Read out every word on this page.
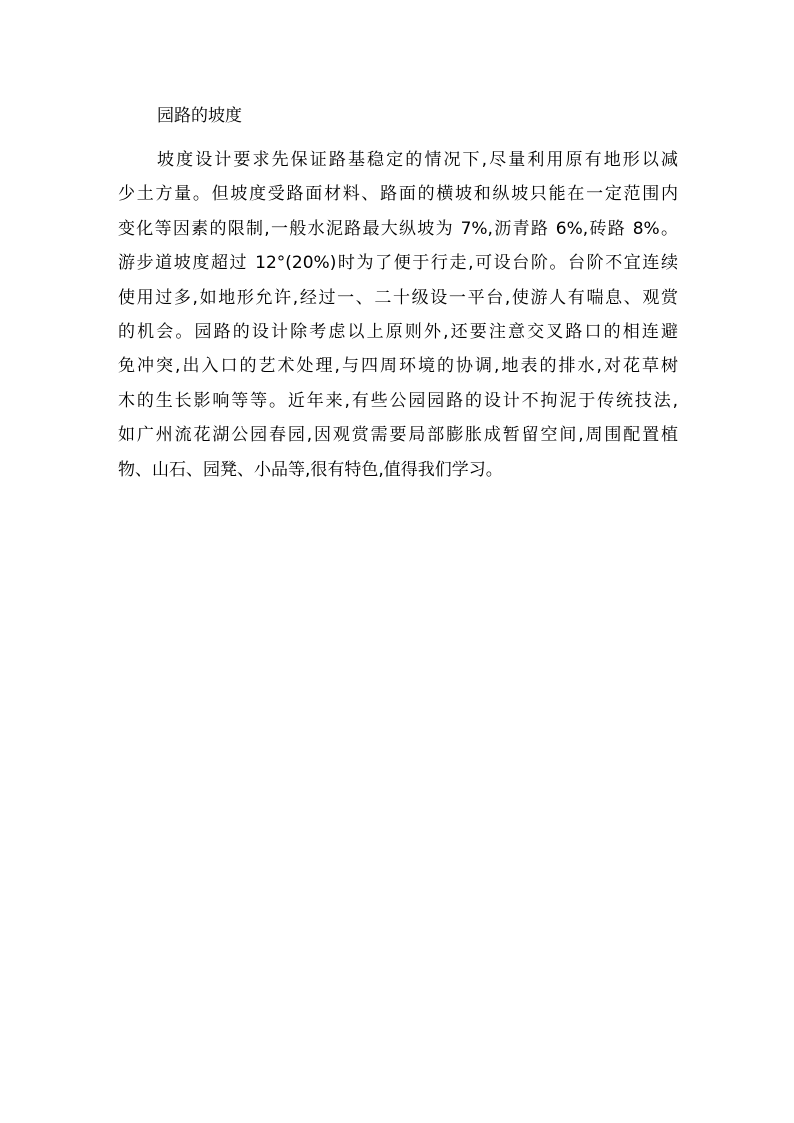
园路的坡度
坡度设计要求先保证路基稳定的情况下,尽量利用原有地形以减
少土方量。但坡度受路面材料、路面的横坡和纵坡只能在一定范围内
变化等因素的限制,一般水泥路最大纵坡为 7%,沥青路 6%,砖路 8%。
游步道坡度超过 12°(20%)时为了便于行走,可设台阶。台阶不宜连续
使用过多,如地形允许,经过一、二十级设一平台,使游人有喘息、观赏
的机会。园路的设计除考虑以上原则外,还要注意交叉路口的相连避
免冲突,出入口的艺术处理,与四周环境的协调,地表的排水,对花草树
木的生长影响等等。近年来,有些公园园路的设计不拘泥于传统技法,
如广州流花湖公园春园,因观赏需要局部膨胀成暂留空间,周围配置植
物、山石、园凳、小品等,很有特色,值得我们学习。
